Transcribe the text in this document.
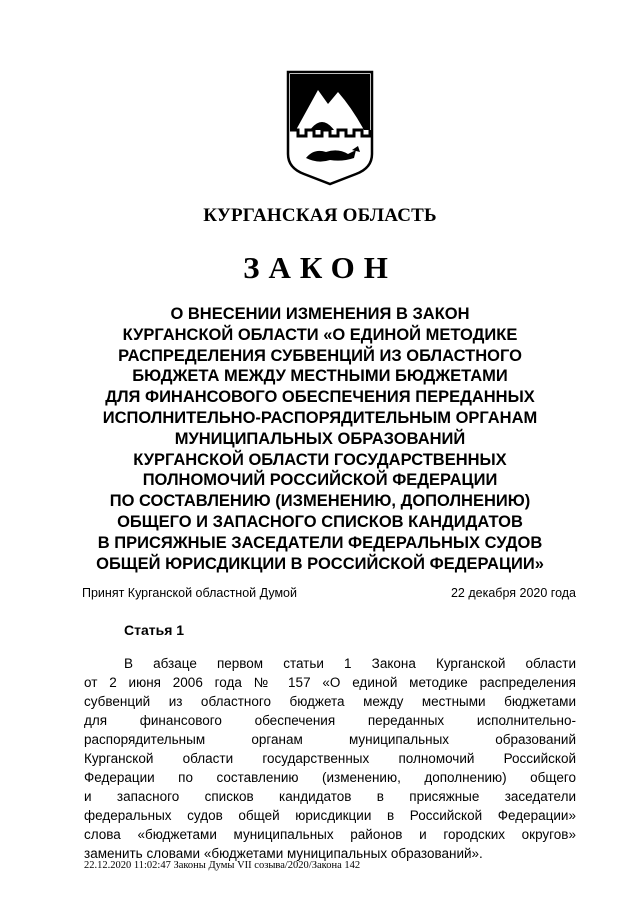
КУРГАНСКАЯ ОБЛАСТЬ
ЗАКОН
О ВНЕСЕНИИ ИЗМЕНЕНИЯ В ЗАКОН
КУРГАНСКОЙ ОБЛАСТИ «О ЕДИНОЙ МЕТОДИКЕ
РАСПРЕДЕЛЕНИЯ СУБВЕНЦИЙ ИЗ ОБЛАСТНОГО
БЮДЖЕТА МЕЖДУ МЕСТНЫМИ БЮДЖЕТАМИ
ДЛЯ ФИНАНСОВОГО ОБЕСПЕЧЕНИЯ ПЕРЕДАННЫХ
ИСПОЛНИТЕЛЬНО-РАСПОРЯДИТЕЛЬНЫМ ОРГАНАМ
МУНИЦИПАЛЬНЫХ ОБРАЗОВАНИЙ
КУРГАНСКОЙ ОБЛАСТИ ГОСУДАРСТВЕННЫХ
ПОЛНОМОЧИЙ РОССИЙСКОЙ ФЕДЕРАЦИИ
ПО СОСТАВЛЕНИЮ (ИЗМЕНЕНИЮ, ДОПОЛНЕНИЮ)
ОБЩЕГО И ЗАПАСНОГО СПИСКОВ КАНДИДАТОВ
В ПРИСЯЖНЫЕ ЗАСЕДАТЕЛИ ФЕДЕРАЛЬНЫХ СУДОВ
ОБЩЕЙ ЮРИСДИКЦИИ В РОССИЙСКОЙ ФЕДЕРАЦИИ»
Принят Курганской областной Думой	22 декабря 2020 года
Статья 1
В абзаце первом статьи 1 Закона Курганской области
от 2 июня 2006 года № 157 «О единой методике распределения
субвенций из областного бюджета между местными бюджетами
для финансового обеспечения переданных исполнительно-
распорядительным органам муниципальных образований
Курганской области государственных полномочий Российской
Федерации по составлению (изменению, дополнению) общего
и запасного списков кандидатов в присяжные заседатели
федеральных судов общей юрисдикции в Российской Федерации»
слова «бюджетами муниципальных районов и городских округов»
заменить словами «бюджетами муниципальных образований».
22.12.2020 11:02:47 Законы Думы VII созыва/2020/Закона 142
